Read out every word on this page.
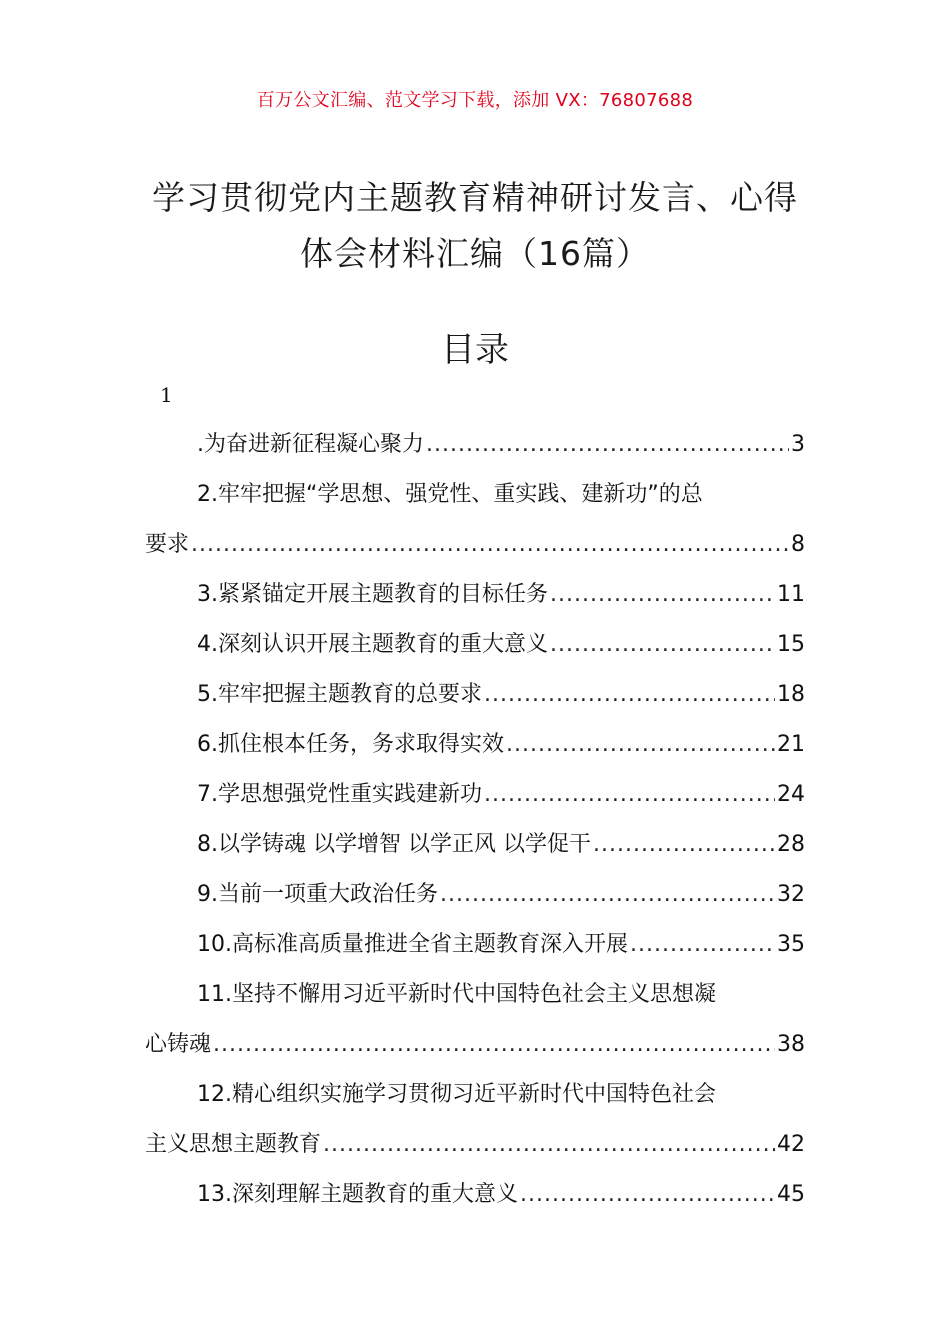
百万公文汇编、范文学习下载，添加 VX：76807688
学习贯彻党内主题教育精神研讨发言、心得体会材料汇编（16篇）
目录
1
.为奋进新征程凝心聚力 .....	3
2.牢牢把握“学思想、强党性、重实践、建新功”的总
要求 .....	8
3.紧紧锚定开展主题教育的目标任务 .....	11
4.深刻认识开展主题教育的重大意义 .....	15
5.牢牢把握主题教育的总要求 .....	18
6.抓住根本任务，务求取得实效 .....	21
7.学思想强党性重实践建新功 .....	24
8.以学铸魂 以学增智 以学正风 以学促干 .....	28
9.当前一项重大政治任务 .....	32
10.高标准高质量推进全省主题教育深入开展 .....	35
11.坚持不懈用习近平新时代中国特色社会主义思想凝
心铸魂 .....	38
12.精心组织实施学习贯彻习近平新时代中国特色社会
主义思想主题教育 .....	42
13.深刻理解主题教育的重大意义 .....	45
